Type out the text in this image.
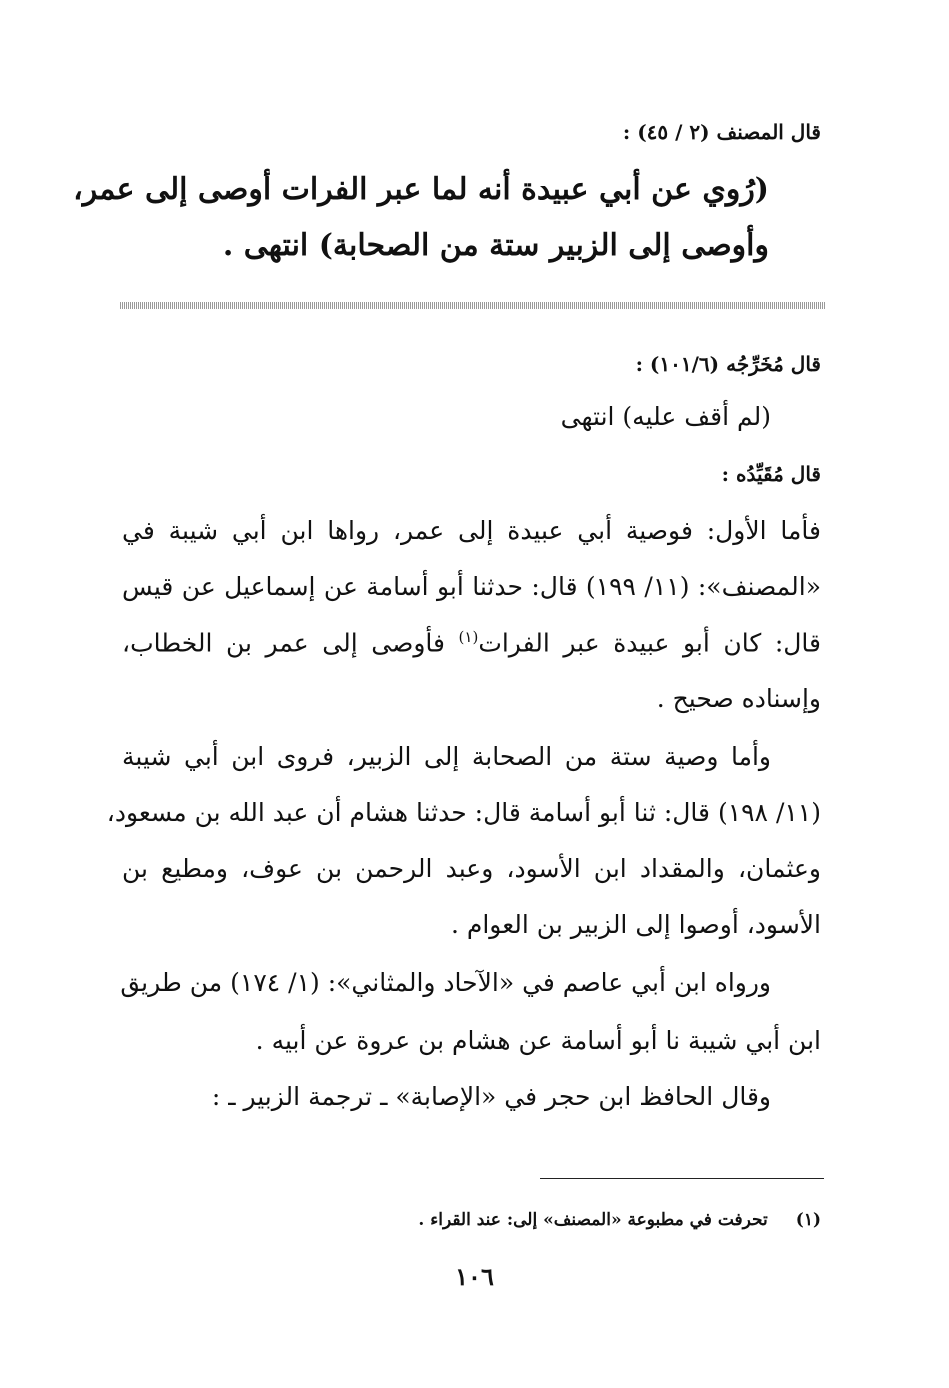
قال المصنف (٢ / ٤٥) :
(رُوي عن أبي عبيدة أنه لما عبر الفرات أوصى إلى عمر،
وأوصى إلى الزبير ستة من الصحابة) انتهى .
قال مُخَرِّجُه (١٠١/٦) :
(لم أقف عليه) انتهى
قال مُقَيِّدُه :
فأما الأول: فوصية أبي عبيدة إلى عمر، رواها ابن أبي شيبة في
«المصنف»: (١١/ ١٩٩) قال: حدثنا أبو أسامة عن إسماعيل عن قيس
قال: كان أبو عبيدة عبر الفرات$^{(١)}$ فأوصى إلى عمر بن الخطاب،
وإسناده صحيح .
وأما وصية ستة من الصحابة إلى الزبير، فروى ابن أبي شيبة
(١١/ ١٩٨) قال: ثنا أبو أسامة قال: حدثنا هشام أن عبد الله بن مسعود،
وعثمان، والمقداد ابن الأسود، وعبد الرحمن بن عوف، ومطيع بن
الأسود، أوصوا إلى الزبير بن العوام .
ورواه ابن أبي عاصم في «الآحاد والمثاني»: (١/ ١٧٤) من طريق
ابن أبي شيبة نا أبو أسامة عن هشام بن عروة عن أبيه .
وقال الحافظ ابن حجر في «الإصابة» ـ ترجمة الزبير ـ :
(١)تحرفت في مطبوعة «المصنف» إلى: عند القراء .
١٠٦
